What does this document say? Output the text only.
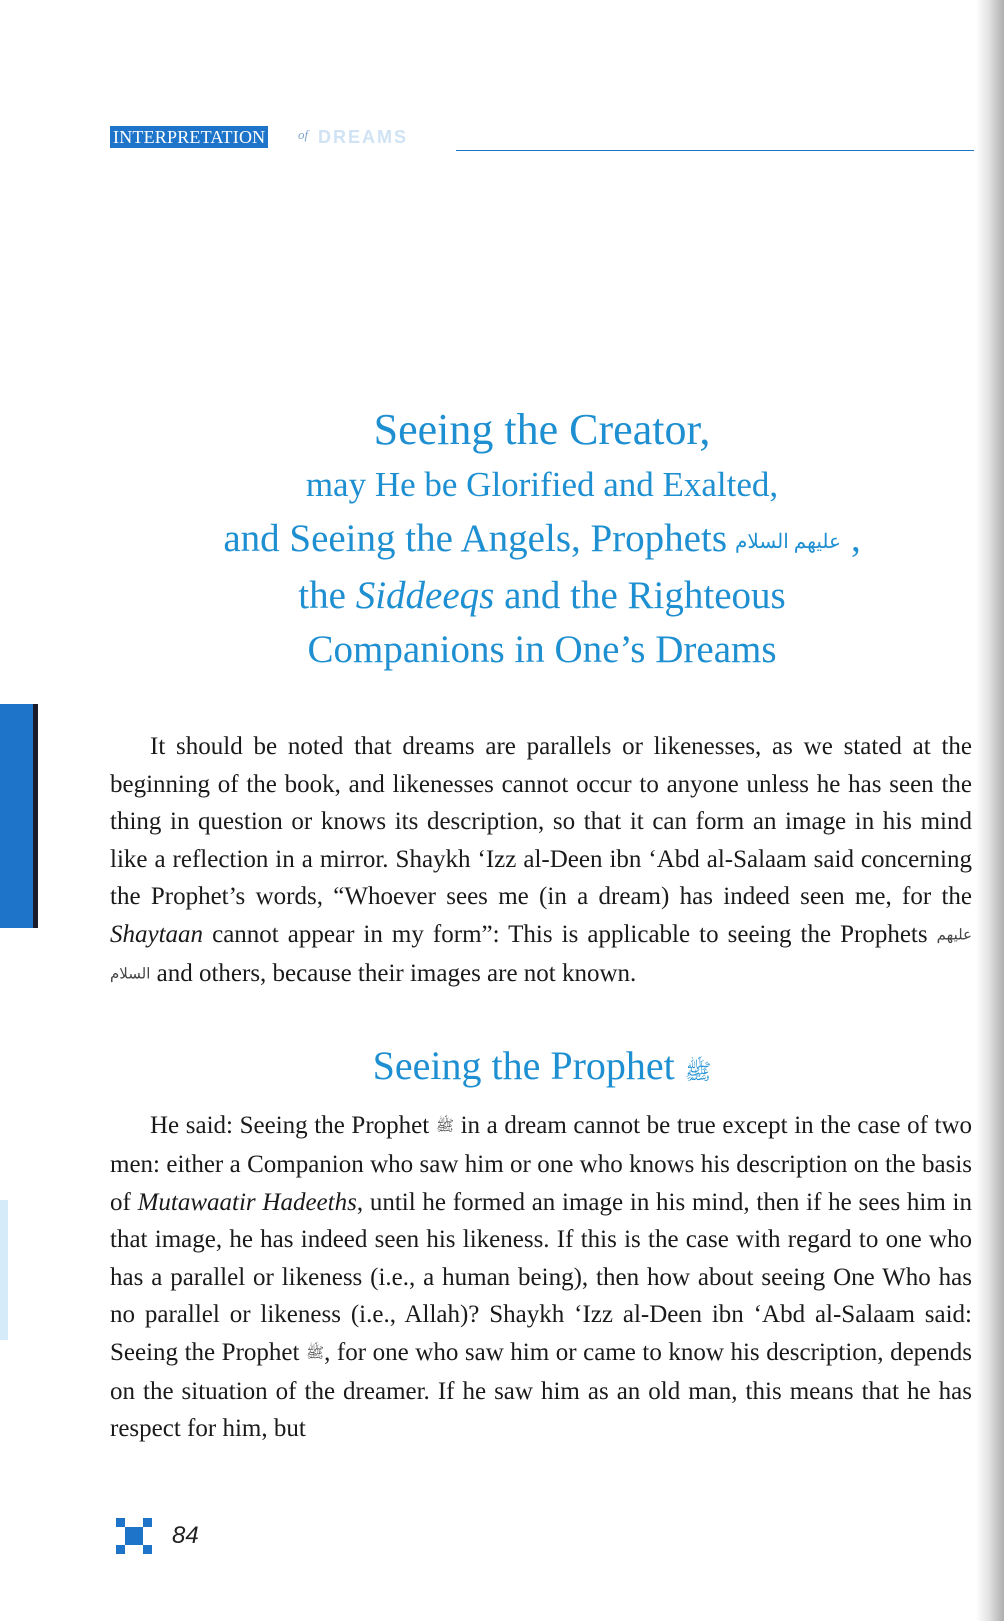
INTERPRETATION	of DREAMS
Seeing the Creator,
may He be Glorified and Exalted,
and Seeing the Angels, Prophets عليهم السلام ,
the Siddeeqs and the Righteous
Companions in One’s Dreams

It should be noted that dreams are parallels or likenesses, as we stated at the beginning of the book, and likenesses cannot occur to anyone unless he has seen the thing in question or knows its description, so that it can form an image in his mind like a reflection in a mirror. Shaykh ‘Izz al-Deen ibn ‘Abd al-Salaam said concerning the Prophet’s words, “Whoever sees me (in a dream) has indeed seen me, for the Shaytaan cannot appear in my form”: This is applicable to seeing the Prophets عليهم السلام and others, because their images are not known.

Seeing the Prophet ﷺ

He said: Seeing the Prophet ﷺ in a dream cannot be true except in the case of two men: either a Companion who saw him or one who knows his description on the basis of Mutawaatir Hadeeths, until he formed an image in his mind, then if he sees him in that image, he has indeed seen his likeness. If this is the case with regard to one who has a parallel or likeness (i.e., a human being), then how about seeing One Who has no parallel or likeness (i.e., Allah)? Shaykh ‘Izz al-Deen ibn ‘Abd al-Salaam said: Seeing the Prophet ﷺ, for one who saw him or came to know his description, depends on the situation of the dreamer. If he saw him as an old man, this means that he has respect for him, but

84
